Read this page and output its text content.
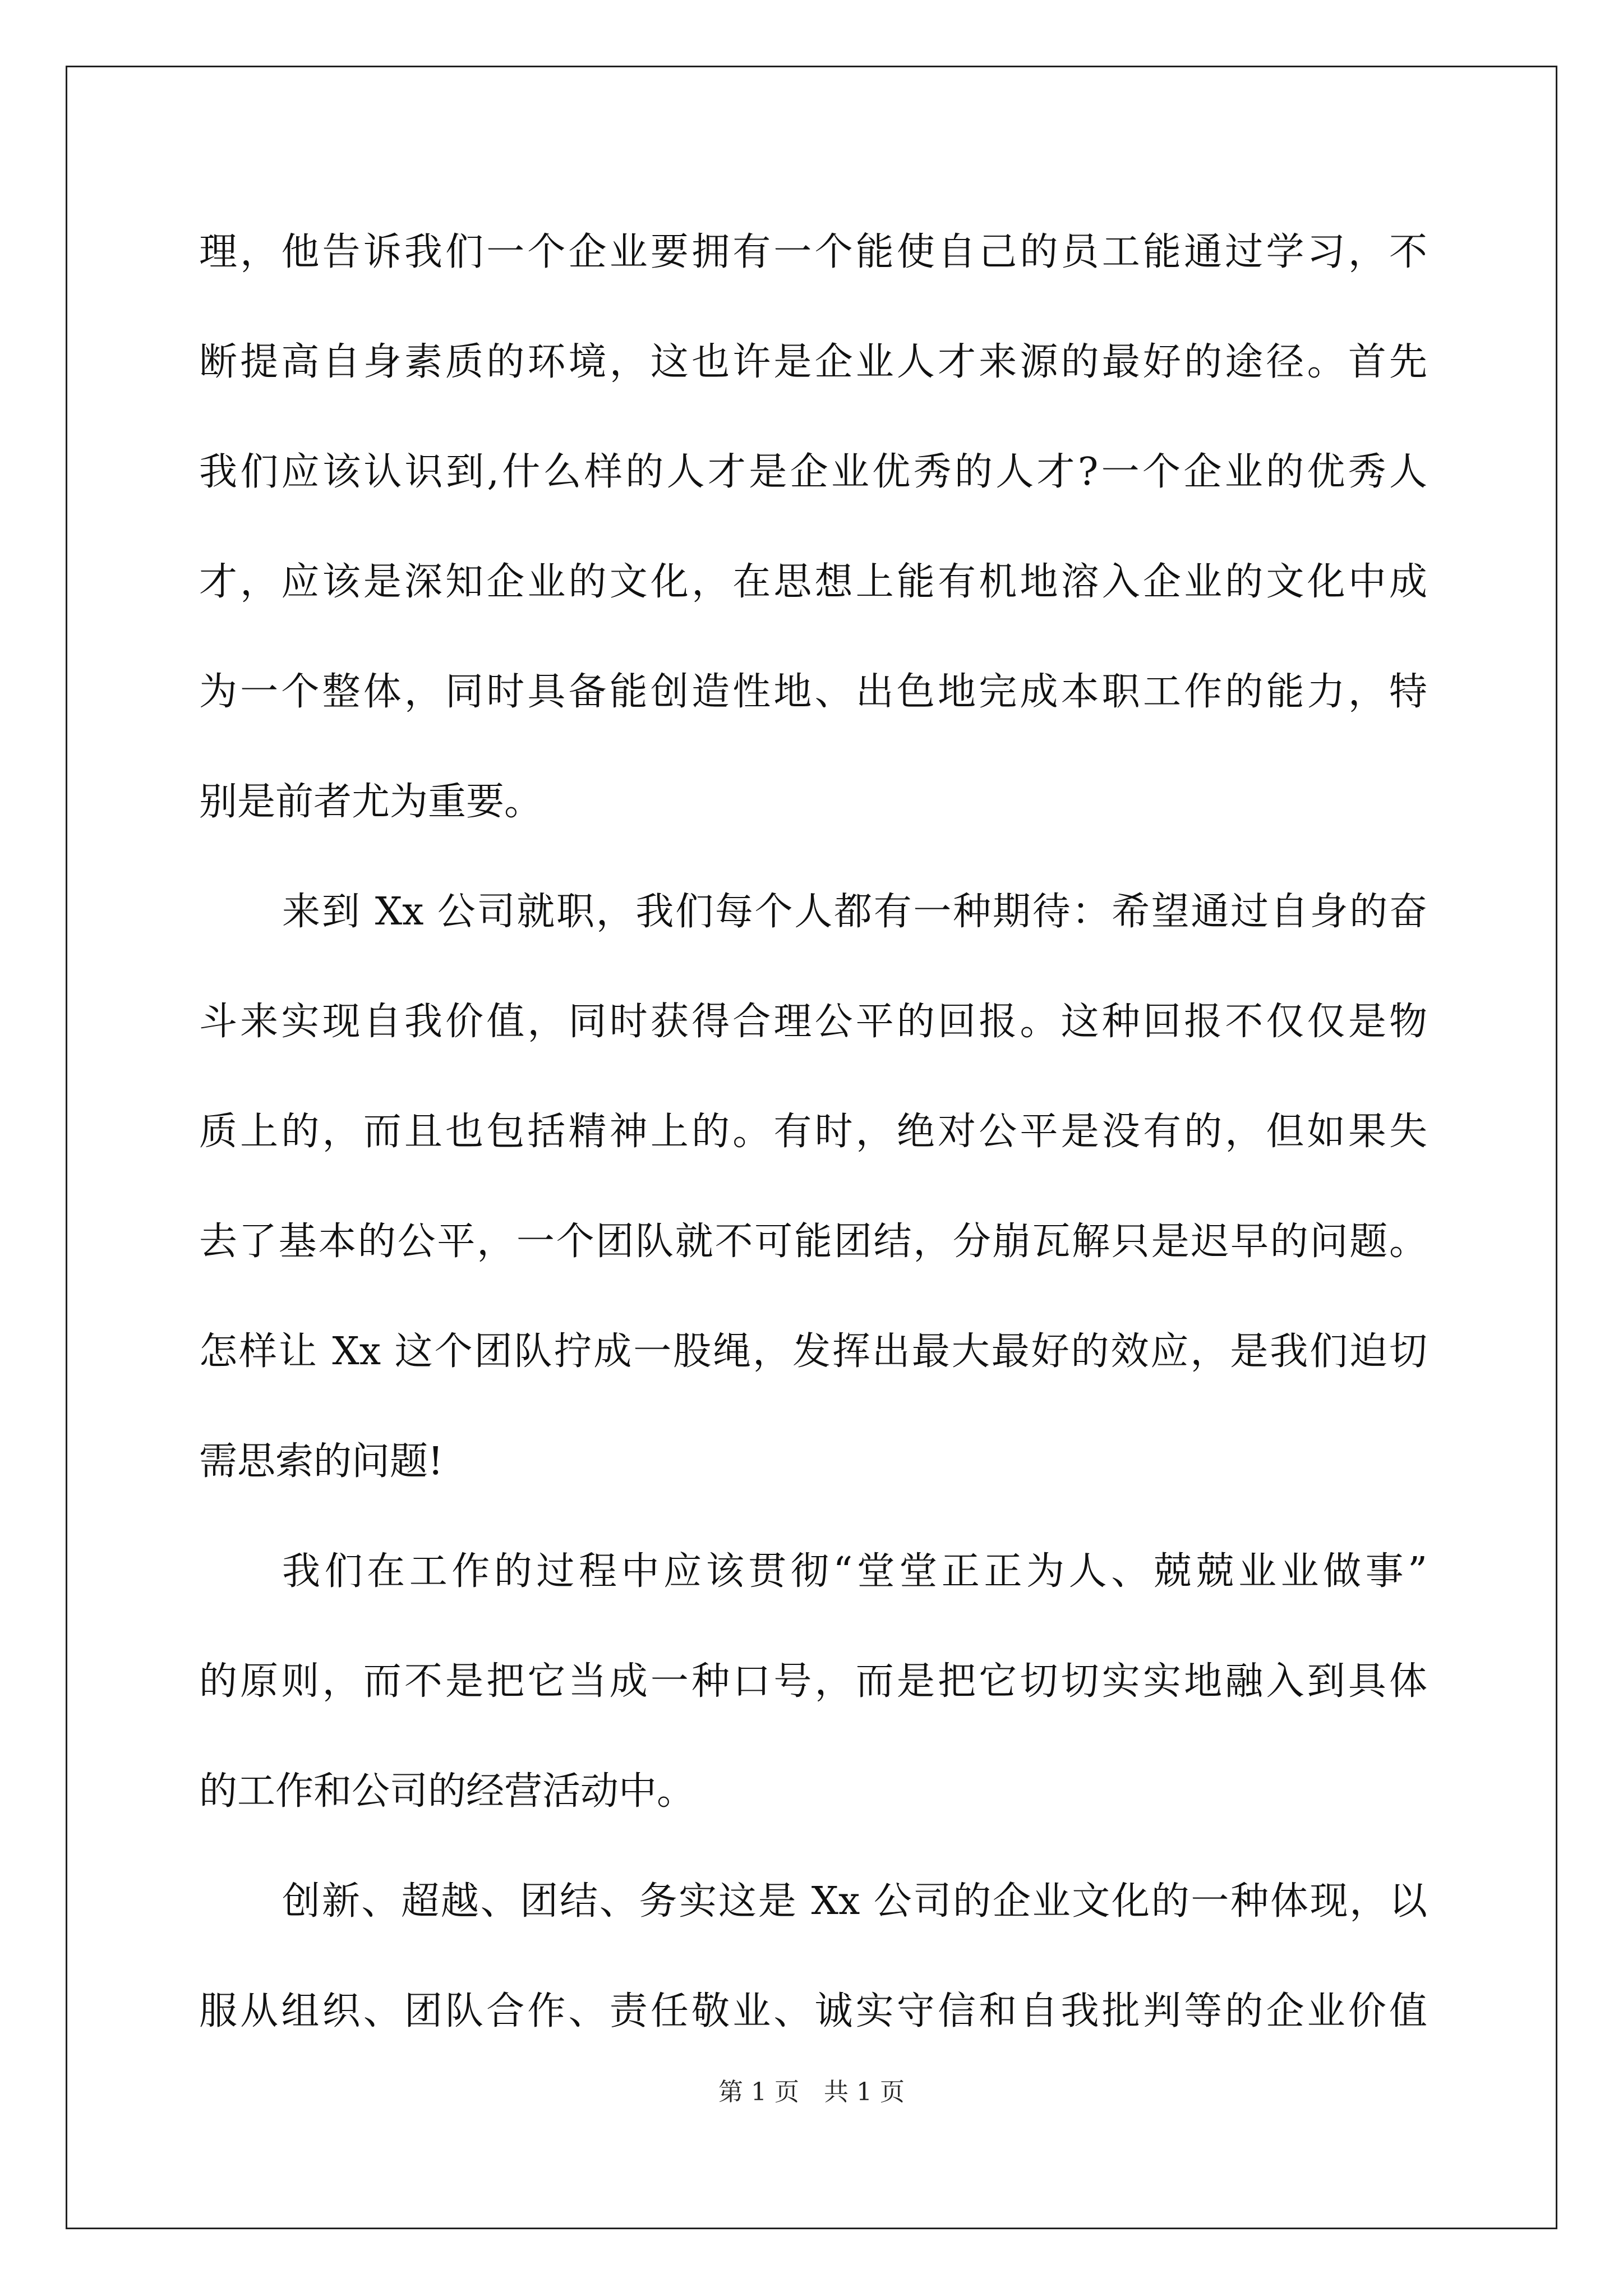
理，他告诉我们一个企业要拥有一个能使自己的员工能通过学习，不
断提高自身素质的环境，这也许是企业人才来源的最好的途径。首先
我们应该认识到,什么样的人才是企业优秀的人才?一个企业的优秀人
才，应该是深知企业的文化，在思想上能有机地溶入企业的文化中成
为一个整体，同时具备能创造性地、出色地完成本职工作的能力，特
别是前者尤为重要。
来到 Xx 公司就职，我们每个人都有一种期待：希望通过自身的奋
斗来实现自我价值，同时获得合理公平的回报。这种回报不仅仅是物
质上的，而且也包括精神上的。有时，绝对公平是没有的，但如果失
去了基本的公平，一个团队就不可能团结，分崩瓦解只是迟早的问题。
怎样让 Xx 这个团队拧成一股绳，发挥出最大最好的效应，是我们迫切
需思索的问题!
我们在工作的过程中应该贯彻“堂堂正正为人、兢兢业业做事”
的原则，而不是把它当成一种口号，而是把它切切实实地融入到具体
的工作和公司的经营活动中。
创新、超越、团结、务实这是 Xx 公司的企业文化的一种体现，以
服从组织、团队合作、责任敬业、诚实守信和自我批判等的企业价值
第 1 页　共 1 页
